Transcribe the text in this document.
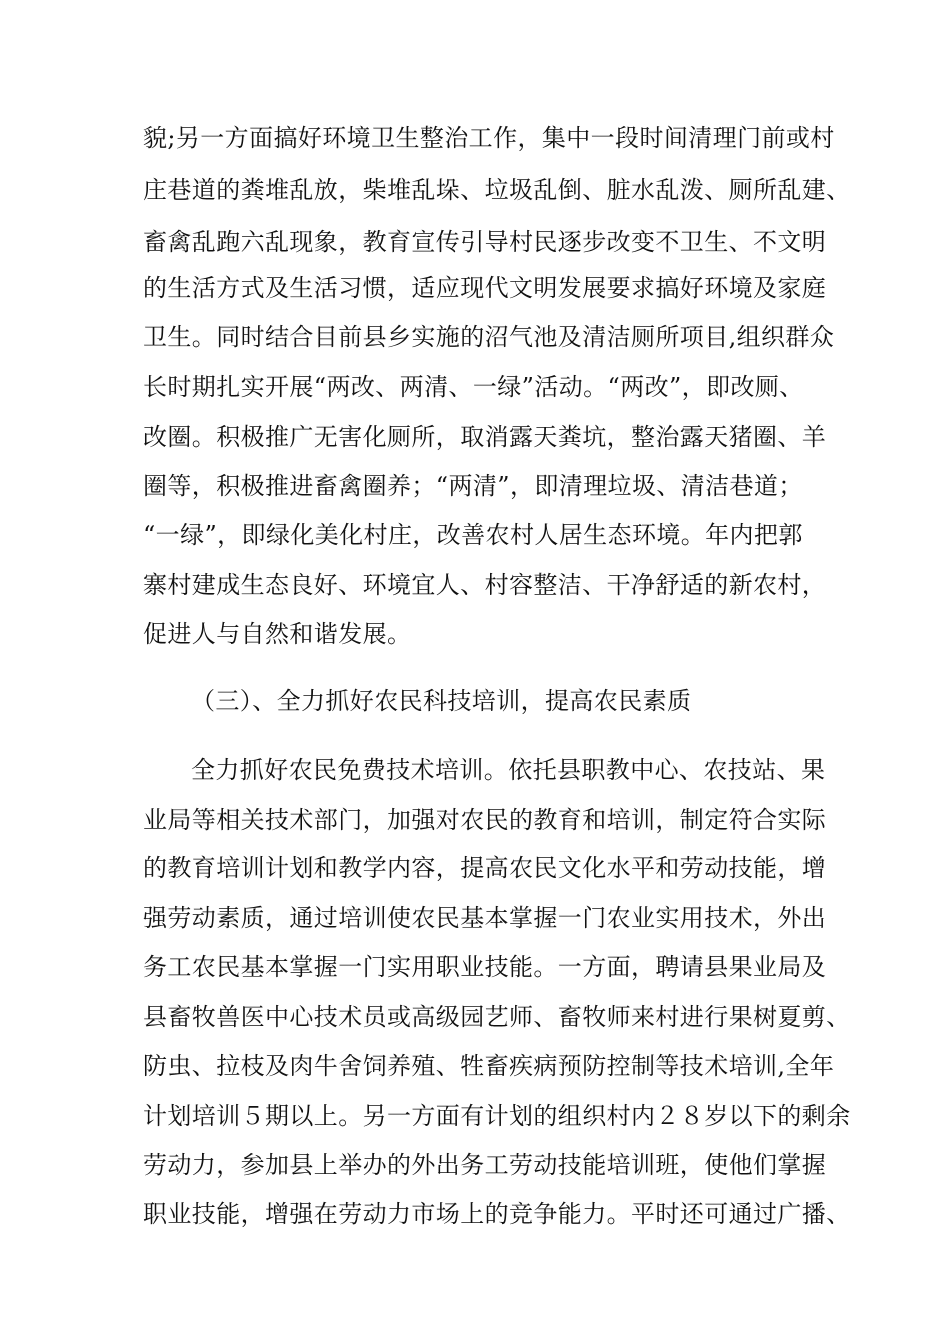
貌;另一方面搞好环境卫生整治工作，集中一段时间清理门前或村
庄巷道的粪堆乱放，柴堆乱垛、垃圾乱倒、脏水乱泼、厕所乱建、
畜禽乱跑六乱现象，教育宣传引导村民逐步改变不卫生、不文明
的生活方式及生活习惯，适应现代文明发展要求搞好环境及家庭
卫生。同时结合目前县乡实施的沼气池及清洁厕所项目,组织群众
长时期扎实开展“两改、两清、一绿”活动。“两改”，即改厕、
改圈。积极推广无害化厕所，取消露天粪坑，整治露天猪圈、羊
圈等，积极推进畜禽圈养；“两清”，即清理垃圾、清洁巷道；
“一绿”，即绿化美化村庄，改善农村人居生态环境。年内把郭
寨村建成生态良好、环境宜人、村容整洁、干净舒适的新农村，
促进人与自然和谐发展。
（三）、全力抓好农民科技培训，提高农民素质
全力抓好农民免费技术培训。依托县职教中心、农技站、果
业局等相关技术部门，加强对农民的教育和培训，制定符合实际
的教育培训计划和教学内容，提高农民文化水平和劳动技能，增
强劳动素质，通过培训使农民基本掌握一门农业实用技术，外出
务工农民基本掌握一门实用职业技能。一方面，聘请县果业局及
县畜牧兽医中心技术员或高级园艺师、畜牧师来村进行果树夏剪、
防虫、拉枝及肉牛舍饲养殖、牲畜疾病预防控制等技术培训,全年
计划培训５期以上。另一方面有计划的组织村内２８岁以下的剩余
劳动力，参加县上举办的外出务工劳动技能培训班，使他们掌握
职业技能，增强在劳动力市场上的竞争能力。平时还可通过广播、
